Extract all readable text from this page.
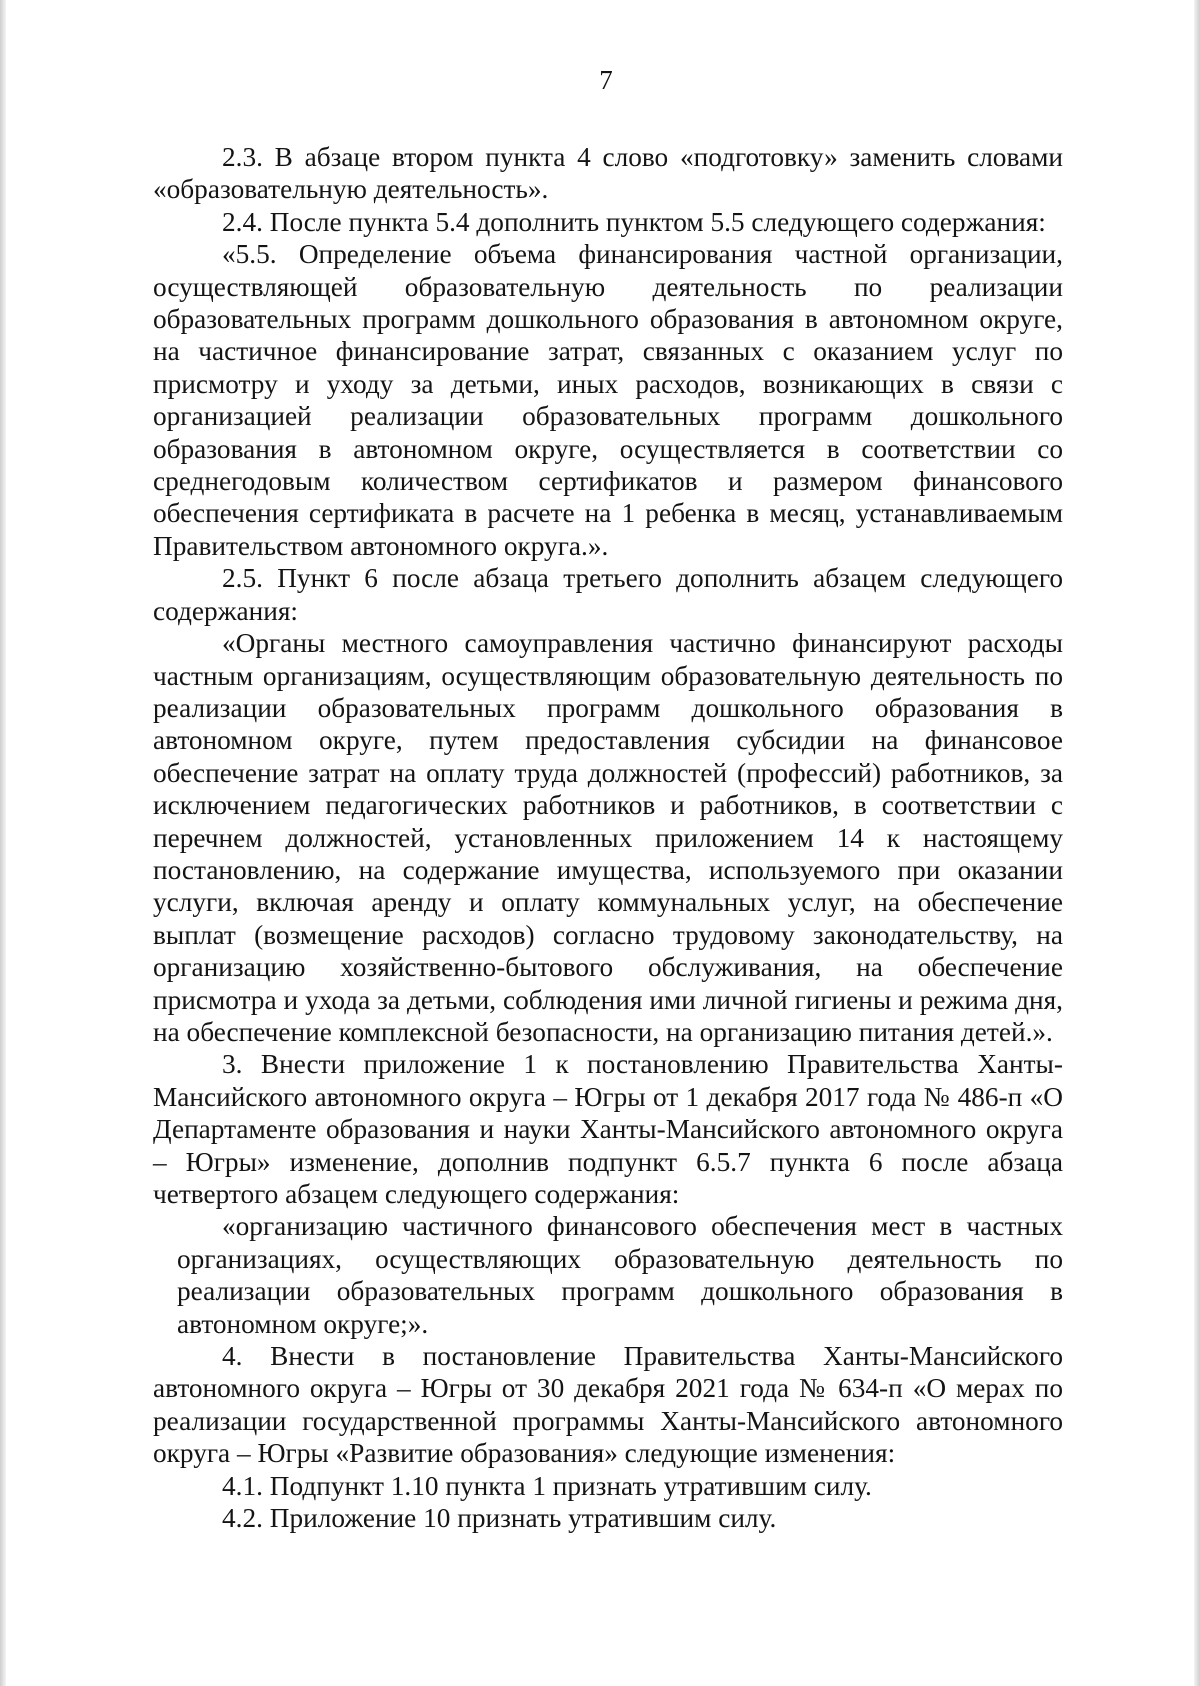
7

2.3. В абзаце втором пункта 4 слово «подготовку» заменить словами «образовательную деятельность».

2.4. После пункта 5.4 дополнить пунктом 5.5 следующего содержания:

«5.5. Определение объема финансирования частной организации, осуществляющей образовательную деятельность по реализации образовательных программ дошкольного образования в автономном округе, на частичное финансирование затрат, связанных с оказанием услуг по присмотру и уходу за детьми, иных расходов, возникающих в связи с организацией реализации образовательных программ дошкольного образования в автономном округе, осуществляется в соответствии со среднегодовым количеством сертификатов и размером финансового обеспечения сертификата в расчете на 1 ребенка в месяц, устанавливаемым Правительством автономного округа.».

2.5. Пункт 6 после абзаца третьего дополнить абзацем следующего содержания:

«Органы местного самоуправления частично финансируют расходы частным организациям, осуществляющим образовательную деятельность по реализации образовательных программ дошкольного образования в автономном округе, путем предоставления субсидии на финансовое обеспечение затрат на оплату труда должностей (профессий) работников, за исключением педагогических работников и работников, в соответствии с перечнем должностей, установленных приложением 14 к настоящему постановлению, на содержание имущества, используемого при оказании услуги, включая аренду и оплату коммунальных услуг, на обеспечение выплат (возмещение расходов) согласно трудовому законодательству, на организацию хозяйственно-бытового обслуживания, на обеспечение присмотра и ухода за детьми, соблюдения ими личной гигиены и режима дня, на обеспечение комплексной безопасности, на организацию питания детей.».

3. Внести приложение 1 к постановлению Правительства Ханты-Мансийского автономного округа – Югры от 1 декабря 2017 года № 486-п «О Департаменте образования и науки Ханты-Мансийского автономного округа – Югры» изменение, дополнив подпункт 6.5.7 пункта 6 после абзаца четвертого абзацем следующего содержания:

«организацию частичного финансового обеспечения мест в частных организациях, осуществляющих образовательную деятельность по реализации образовательных программ дошкольного образования в автономном округе;».

4. Внести в постановление Правительства Ханты-Мансийского автономного округа – Югры от 30 декабря 2021 года № 634-п «О мерах по реализации государственной программы Ханты-Мансийского автономного округа – Югры «Развитие образования» следующие изменения:

4.1. Подпункт 1.10 пункта 1 признать утратившим силу.

4.2. Приложение 10 признать утратившим силу.
